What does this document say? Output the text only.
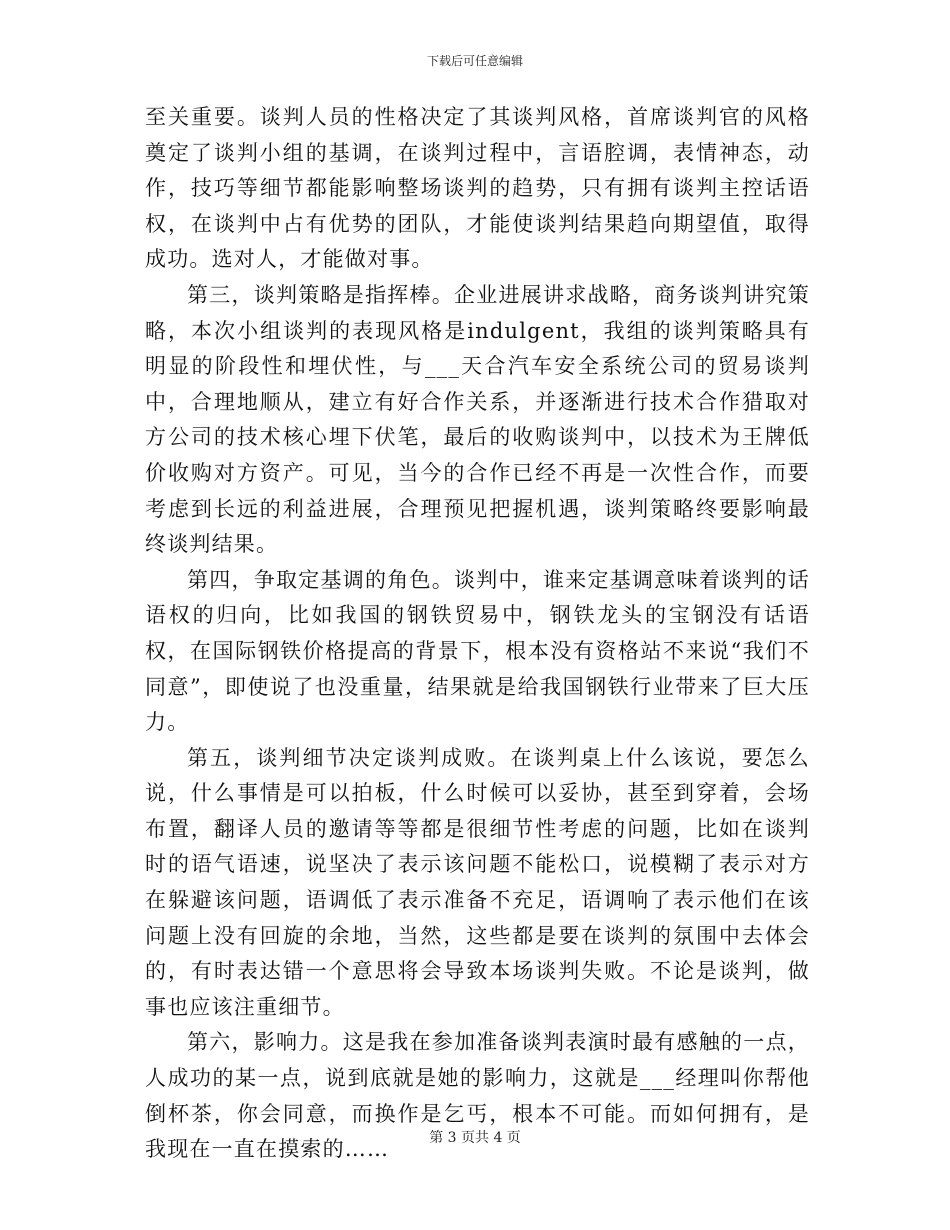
下载后可任意编辑

至关重要。谈判人员的性格决定了其谈判风格，首席谈判官的风格奠定了谈判小组的基调，在谈判过程中，言语腔调，表情神态，动作，技巧等细节都能影响整场谈判的趋势，只有拥有谈判主控话语权，在谈判中占有优势的团队，才能使谈判结果趋向期望值，取得成功。选对人，才能做对事。

第三，谈判策略是指挥棒。企业进展讲求战略，商务谈判讲究策略，本次小组谈判的表现风格是indulgent，我组的谈判策略具有明显的阶段性和埋伏性，与___天合汽车安全系统公司的贸易谈判中，合理地顺从，建立有好合作关系，并逐渐进行技术合作猎取对方公司的技术核心埋下伏笔，最后的收购谈判中，以技术为王牌低价收购对方资产。可见，当今的合作已经不再是一次性合作，而要考虑到长远的利益进展，合理预见把握机遇，谈判策略终要影响最终谈判结果。

第四，争取定基调的角色。谈判中，谁来定基调意味着谈判的话语权的归向，比如我国的钢铁贸易中，钢铁龙头的宝钢没有话语权，在国际钢铁价格提高的背景下，根本没有资格站不来说“我们不同意”，即使说了也没重量，结果就是给我国钢铁行业带来了巨大压力。

第五，谈判细节决定谈判成败。在谈判桌上什么该说，要怎么说，什么事情是可以拍板，什么时候可以妥协，甚至到穿着，会场布置，翻译人员的邀请等等都是很细节性考虑的问题，比如在谈判时的语气语速，说坚决了表示该问题不能松口，说模糊了表示对方在躲避该问题，语调低了表示准备不充足，语调响了表示他们在该问题上没有回旋的余地，当然，这些都是要在谈判的氛围中去体会的，有时表达错一个意思将会导致本场谈判失败。不论是谈判，做事也应该注重细节。

第六，影响力。这是我在参加准备谈判表演时最有感触的一点，人成功的某一点，说到底就是她的影响力，这就是___经理叫你帮他倒杯茶，你会同意，而换作是乞丐，根本不可能。而如何拥有，是我现在一直在摸索的……	第 3 页共 4 页
